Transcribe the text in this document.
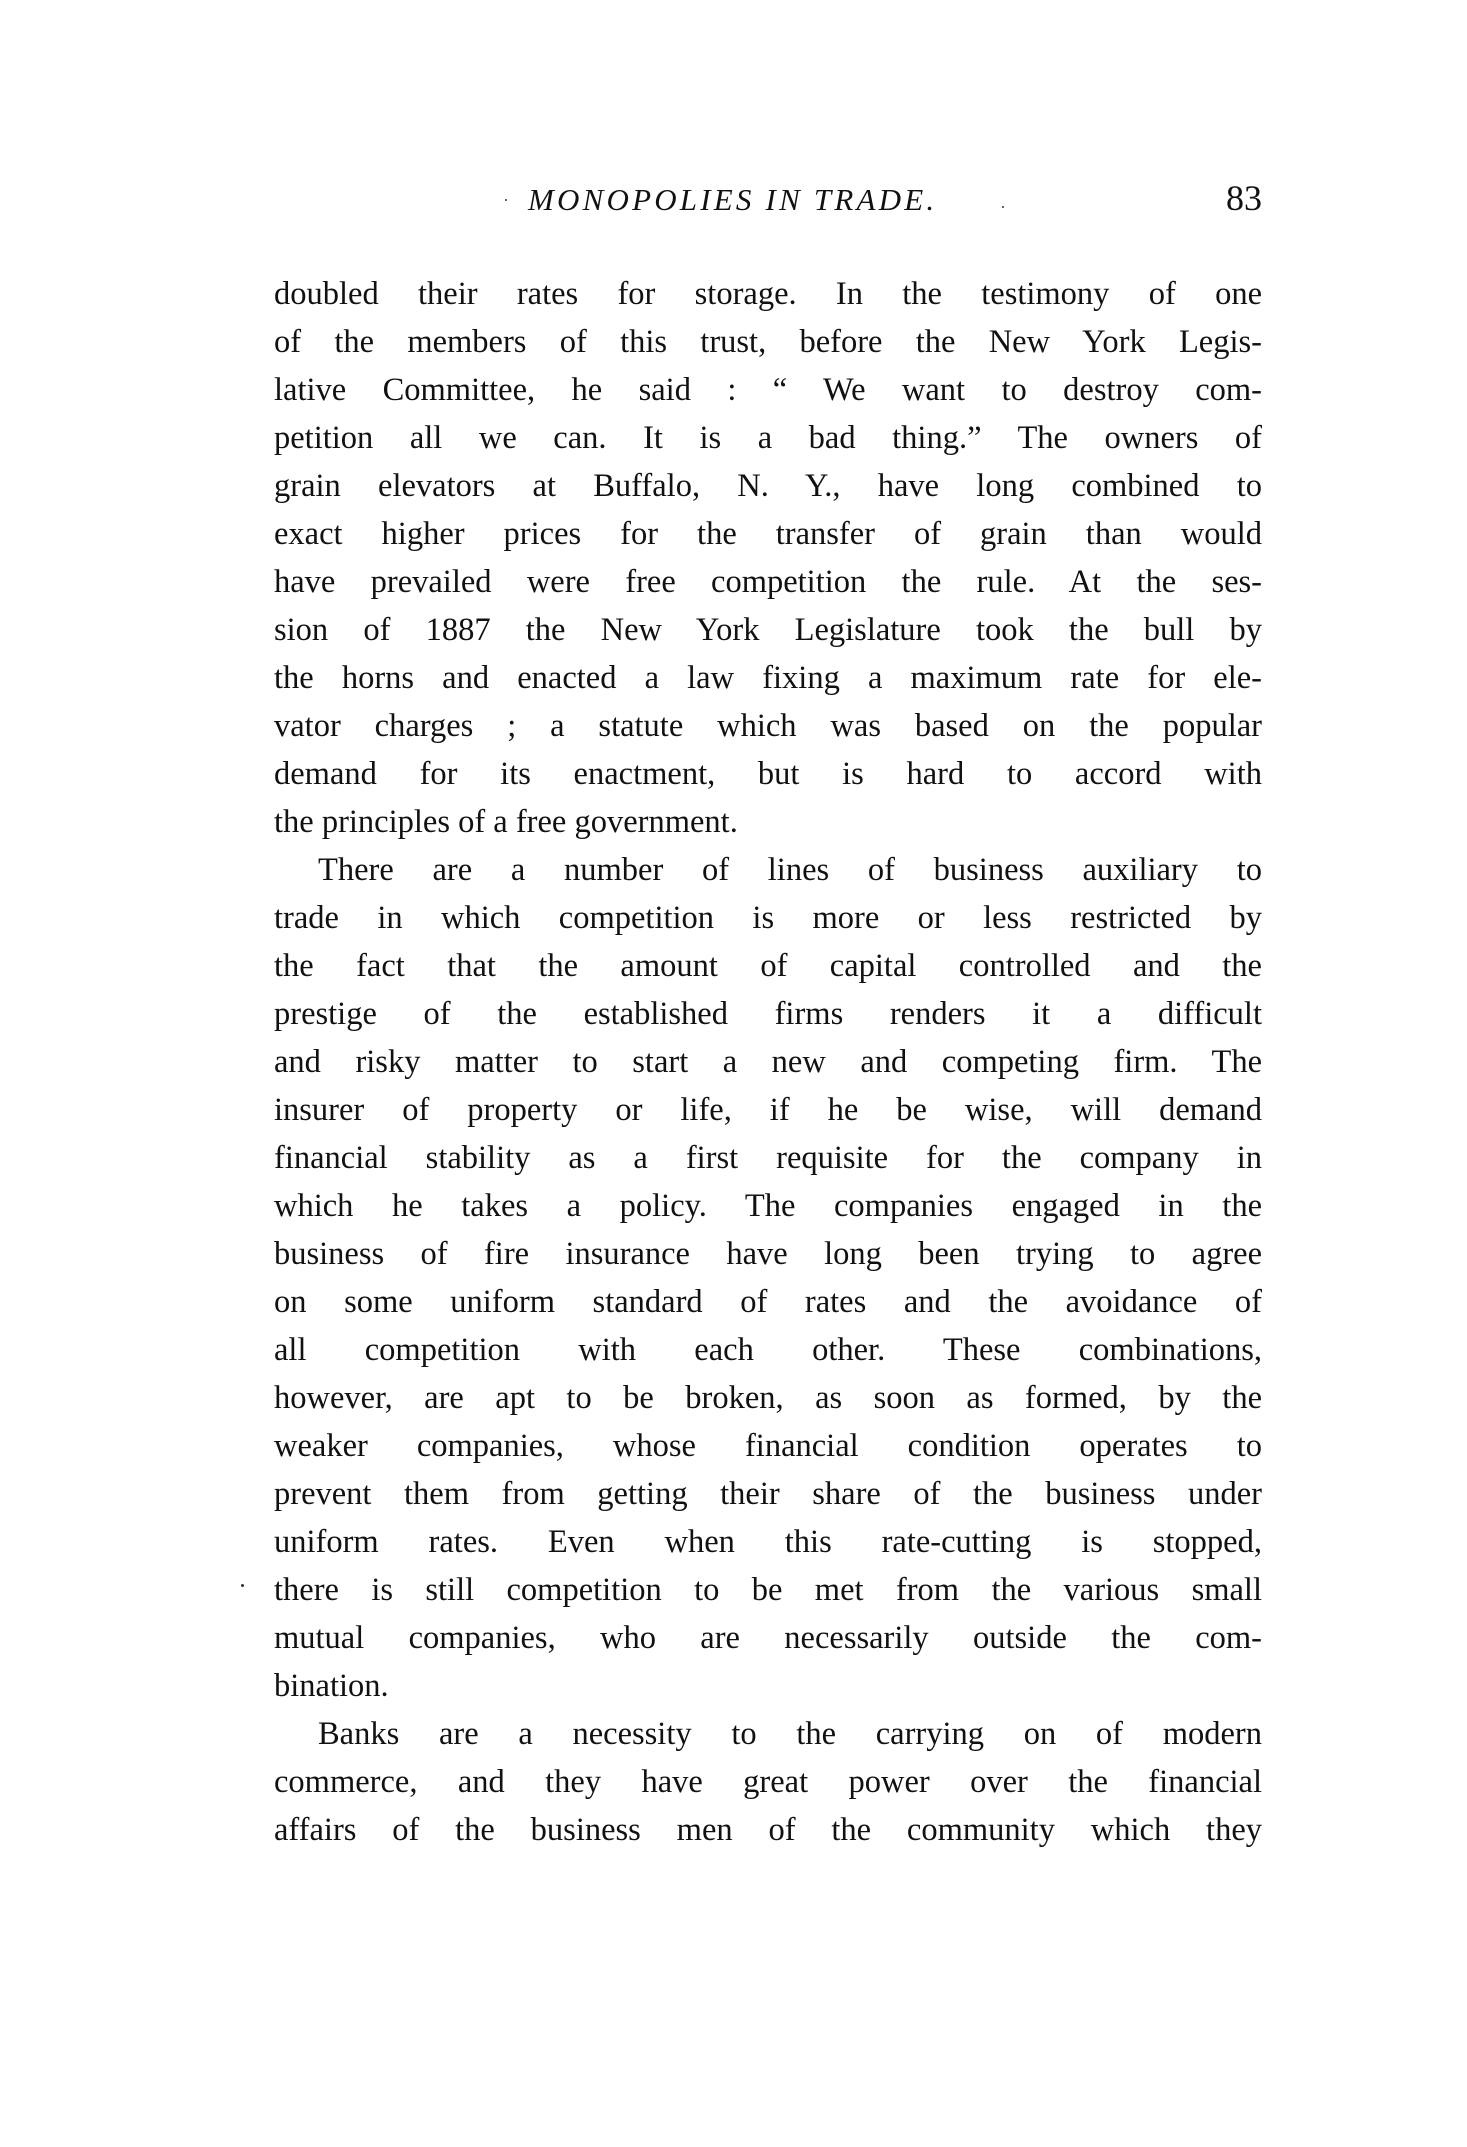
MONOPOLIES IN TRADE.	83
doubled their rates for storage. In the testimony of one
of the members of this trust, before the New York Legis-
lative Committee, he said : “ We want to destroy com-
petition all we can. It is a bad thing.” The owners of
grain elevators at Buffalo, N. Y., have long combined to
exact higher prices for the transfer of grain than would
have prevailed were free competition the rule. At the ses-
sion of 1887 the New York Legislature took the bull by
the horns and enacted a law fixing a maximum rate for ele-
vator charges ; a statute which was based on the popular
demand for its enactment, but is hard to accord with
the principles of a free government.
There are a number of lines of business auxiliary to
trade in which competition is more or less restricted by
the fact that the amount of capital controlled and the
prestige of the established firms renders it a difficult
and risky matter to start a new and competing firm. The
insurer of property or life, if he be wise, will demand
financial stability as a first requisite for the company in
which he takes a policy. The companies engaged in the
business of fire insurance have long been trying to agree
on some uniform standard of rates and the avoidance of
all competition with each other. These combinations,
however, are apt to be broken, as soon as formed, by the
weaker companies, whose financial condition operates to
prevent them from getting their share of the business under
uniform rates. Even when this rate-cutting is stopped,
there is still competition to be met from the various small
mutual companies, who are necessarily outside the com-
bination.
Banks are a necessity to the carrying on of modern
commerce, and they have great power over the financial
affairs of the business men of the community which they
